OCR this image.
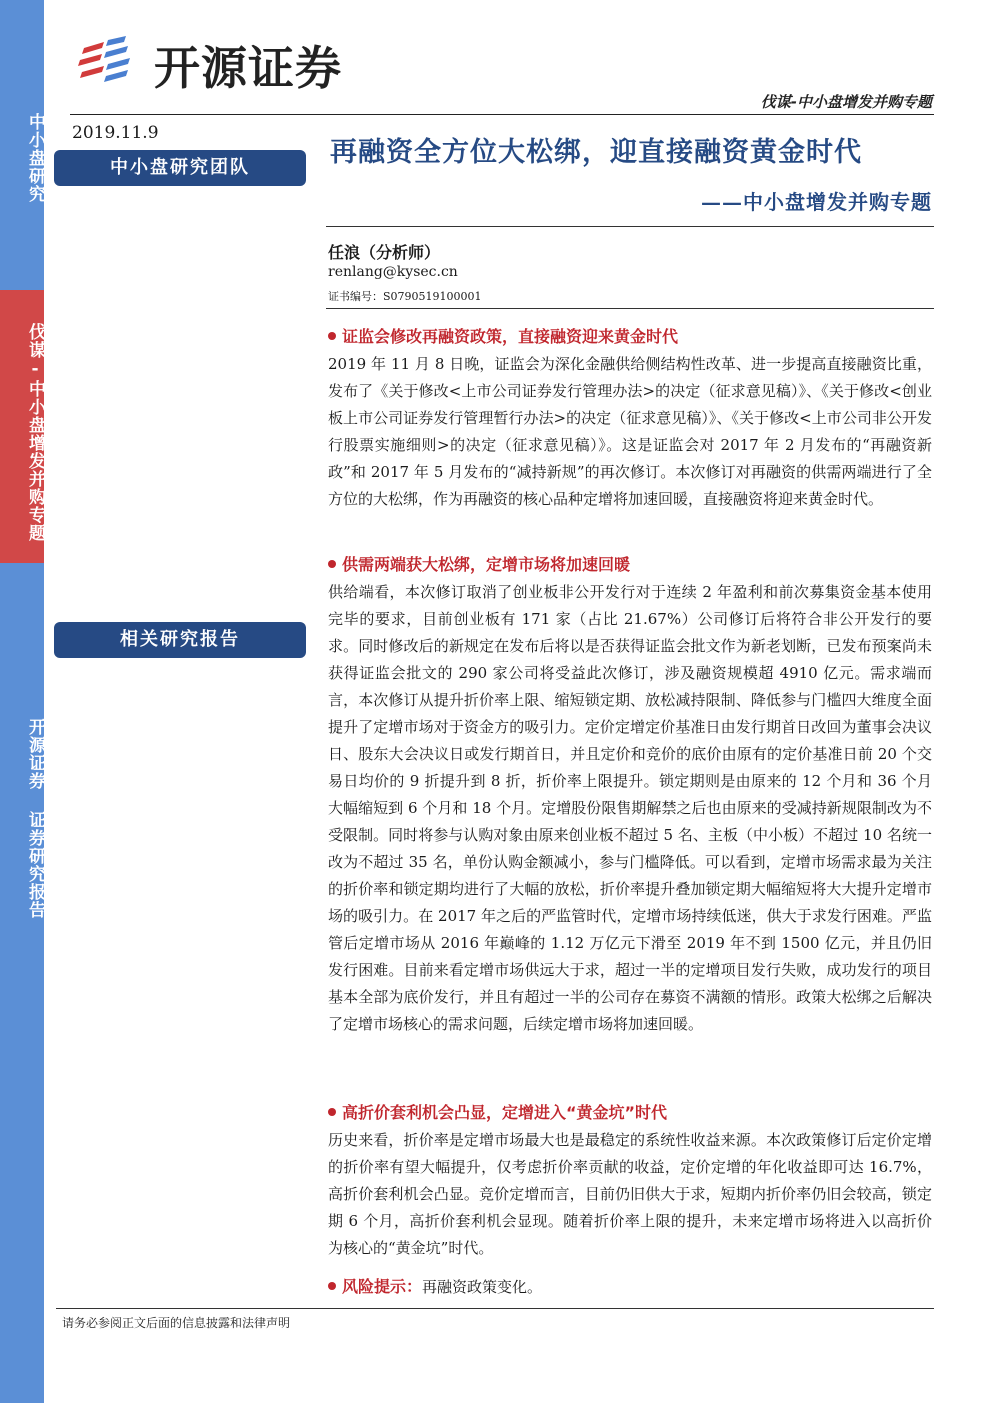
中小盘研究
伐谋-中小盘增发并购专题
开源证券 证券研究报告
开源证券
伐谋-中小盘增发并购专题
2019.11.9
中小盘研究团队
相关研究报告
再融资全方位大松绑，迎直接融资黄金时代
——中小盘增发并购专题
任浪（分析师）
renlang@kysec.cn
证书编号：S0790519100001
证监会修改再融资政策，直接融资迎来黄金时代
2019 年 11 月 8 日晚，证监会为深化金融供给侧结构性改革、进一步提高直接融资比重，发布了《关于修改<上市公司证券发行管理办法>的决定（征求意见稿）》、《关于修改<创业板上市公司证券发行管理暂行办法>的决定（征求意见稿）》、《关于修改<上市公司非公开发行股票实施细则>的决定（征求意见稿）》。这是证监会对 2017 年 2 月发布的“再融资新政”和 2017 年 5 月发布的“减持新规”的再次修订。本次修订对再融资的供需两端进行了全方位的大松绑，作为再融资的核心品种定增将加速回暖，直接融资将迎来黄金时代。
供需两端获大松绑，定增市场将加速回暖
供给端看，本次修订取消了创业板非公开发行对于连续 2 年盈利和前次募集资金基本使用完毕的要求，目前创业板有 171 家（占比 21.67%）公司修订后将符合非公开发行的要求。同时修改后的新规定在发布后将以是否获得证监会批文作为新老划断，已发布预案尚未获得证监会批文的 290 家公司将受益此次修订，涉及融资规模超 4910 亿元。需求端而言，本次修订从提升折价率上限、缩短锁定期、放松减持限制、降低参与门槛四大维度全面提升了定增市场对于资金方的吸引力。定价定增定价基准日由发行期首日改回为董事会决议日、股东大会决议日或发行期首日，并且定价和竞价的底价由原有的定价基准日前 20 个交易日均价的 9 折提升到 8 折，折价率上限提升。锁定期则是由原来的 12 个月和 36 个月大幅缩短到 6 个月和 18 个月。定增股份限售期解禁之后也由原来的受减持新规限制改为不受限制。同时将参与认购对象由原来创业板不超过 5 名、主板（中小板）不超过 10 名统一改为不超过 35 名，单份认购金额减小，参与门槛降低。可以看到，定增市场需求最为关注的折价率和锁定期均进行了大幅的放松，折价率提升叠加锁定期大幅缩短将大大提升定增市场的吸引力。在 2017 年之后的严监管时代，定增市场持续低迷，供大于求发行困难。严监管后定增市场从 2016 年巅峰的 1.12 万亿元下滑至 2019 年不到 1500 亿元，并且仍旧发行困难。目前来看定增市场供远大于求，超过一半的定增项目发行失败，成功发行的项目基本全部为底价发行，并且有超过一半的公司存在募资不满额的情形。政策大松绑之后解决了定增市场核心的需求问题，后续定增市场将加速回暖。
高折价套利机会凸显，定增进入“黄金坑”时代
历史来看，折价率是定增市场最大也是最稳定的系统性收益来源。本次政策修订后定价定增的折价率有望大幅提升，仅考虑折价率贡献的收益，定价定增的年化收益即可达 16.7%，高折价套利机会凸显。竞价定增而言，目前仍旧供大于求，短期内折价率仍旧会较高，锁定期 6 个月，高折价套利机会显现。随着折价率上限的提升，未来定增市场将进入以高折价为核心的“黄金坑”时代。
风险提示：再融资政策变化。
请务必参阅正文后面的信息披露和法律声明
